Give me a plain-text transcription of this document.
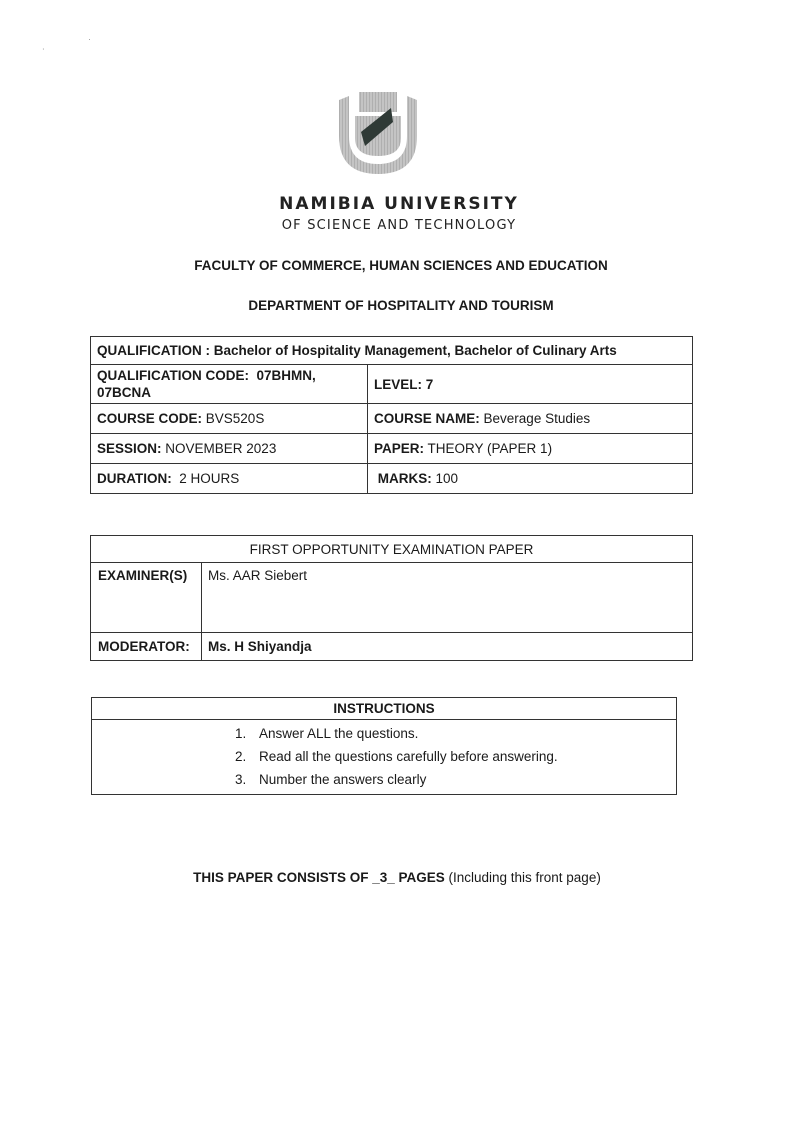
⸒
·
NAMIBIA UNIVERSITY
OF SCIENCE AND TECHNOLOGY
FACULTY OF COMMERCE, HUMAN SCIENCES AND EDUCATION
DEPARTMENT OF HOSPITALITY AND TOURISM
QUALIFICATION : Bachelor of Hospitality Management, Bachelor of Culinary Arts	
QUALIFICATION CODE: 07BHMN, 07BCNA	LEVEL: 7
COURSE CODE: BVS520S	COURSE NAME: Beverage Studies
SESSION: NOVEMBER 2023	PAPER: THEORY (PAPER 1)
DURATION: 2 HOURS	MARKS: 100
FIRST OPPORTUNITY EXAMINATION PAPER	
EXAMINER(S)	Ms. AAR Siebert
MODERATOR:	Ms. H Shiyandja
INSTRUCTIONS

1. Answer ALL the questions.
2. Read all the questions carefully before answering.
3. Number the answers clearly
THIS PAPER CONSISTS OF _3_ PAGES (Including this front page)
